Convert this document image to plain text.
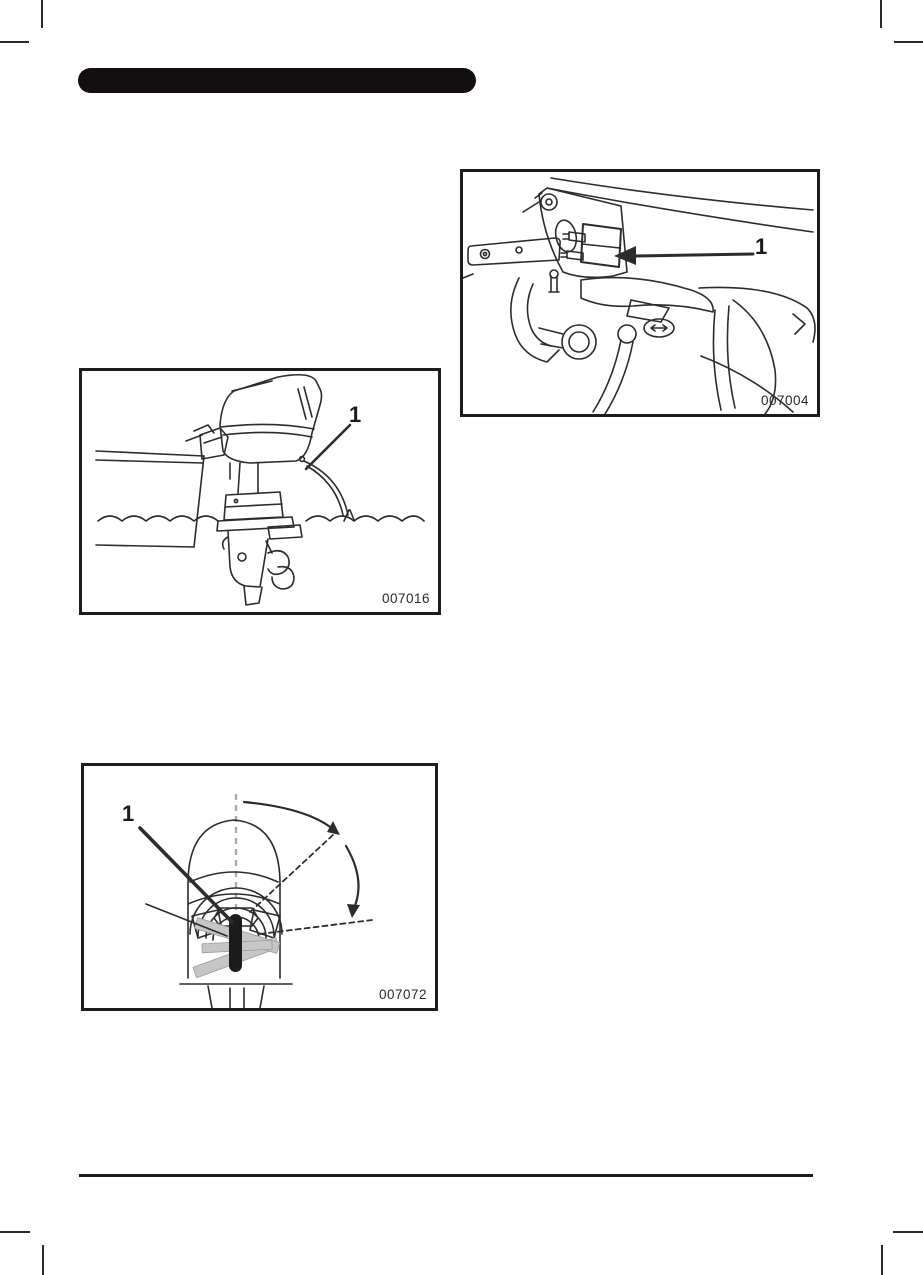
1
007004
1
007016
1
007072
